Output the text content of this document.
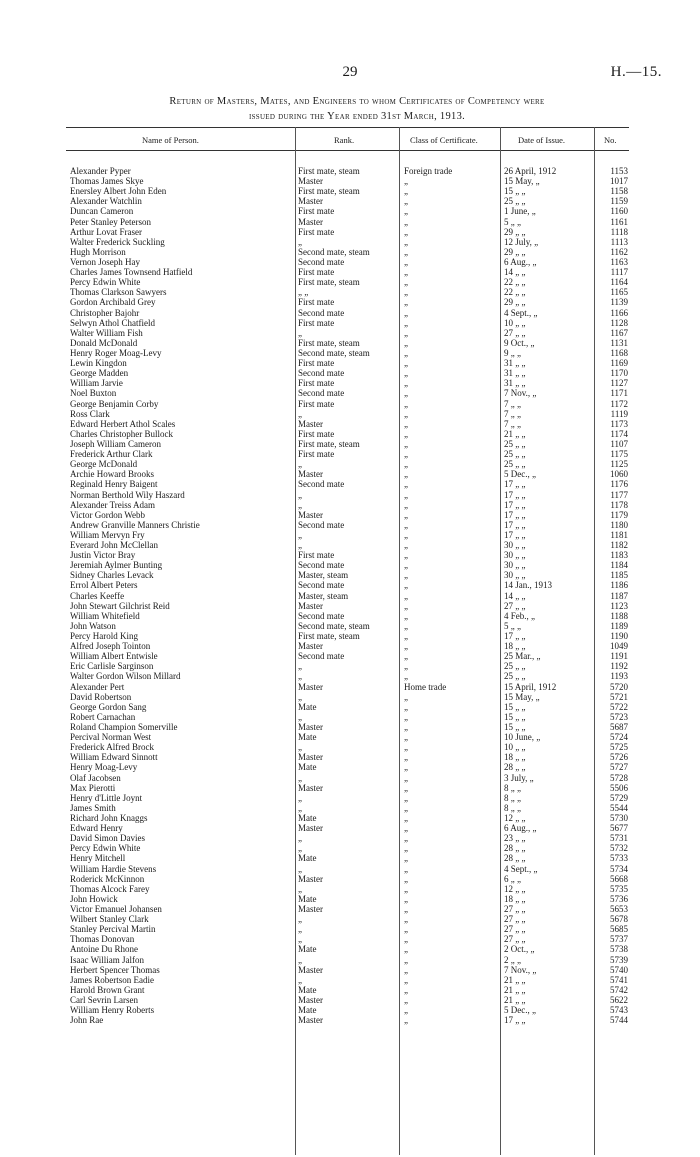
29	H.—15.
Return of Masters, Mates, and Engineers to whom Certificates of Competency were
issued during the Year ended 31st March, 1913.
Name of Person.	Rank.	Class of Certificate.	Date of Issue.	No.
Alexander Pyper	First mate, steam	Foreign trade	26 April, 1912	1153
Thomas James Skye	Master	„	15 May, „	1017
Enersley Albert John Eden	First mate, steam	„	15 „ „	1158
Alexander Watchlin	Master	„	25 „ „	1159
Duncan Cameron	First mate	„	1 June, „	1160
Peter Stanley Peterson	Master	„	5 „ „	1161
Arthur Lovat Fraser	First mate	„	29 „ „	1118
Walter Frederick Suckling	„	„	12 July, „	1113
Hugh Morrison	Second mate, steam	„	29 „ „	1162
Vernon Joseph Hay	Second mate	„	6 Aug., „	1163
Charles James Townsend Hatfield	First mate	„	14 „ „	1117
Percy Edwin White	First mate, steam	„	22 „ „	1164
Thomas Clarkson Sawyers	„ „	„	22 „ „	1165
Gordon Archibald Grey	First mate	„	29 „ „	1139
Christopher Bajohr	Second mate	„	4 Sept., „	1166
Selwyn Athol Chatfield	First mate	„	10 „ „	1128
Walter William Fish	„	„	27 „ „	1167
Donald McDonald	First mate, steam	„	9 Oct., „	1131
Henry Roger Moag-Levy	Second mate, steam	„	9 „ „	1168
Lewin Kingdon	First mate	„	31 „ „	1169
George Madden	Second mate	„	31 „ „	1170
William Jarvie	First mate	„	31 „ „	1127
Noel Buxton	Second mate	„	7 Nov., „	1171
George Benjamin Corby	First mate	„	7 „ „	1172
Ross Clark	„	„	7 „ „	1119
Edward Herbert Athol Scales	Master	„	7 „ „	1173
Charles Christopher Bullock	First mate	„	21 „ „	1174
Joseph William Cameron	First mate, steam	„	25 „ „	1107
Frederick Arthur Clark	First mate	„	25 „ „	1175
George McDonald	„	„	25 „ „	1125
Archie Howard Brooks	Master	„	5 Dec., „	1060
Reginald Henry Baigent	Second mate	„	17 „ „	1176
Norman Berthold Wily Haszard	„	„	17 „ „	1177
Alexander Treiss Adam	„	„	17 „ „	1178
Victor Gordon Webb	Master	„	17 „ „	1179
Andrew Granville Manners Christie	Second mate	„	17 „ „	1180
William Mervyn Fry	„	„	17 „ „	1181
Everard John McClellan	„	„	30 „ „	1182
Justin Victor Bray	First mate	„	30 „ „	1183
Jeremiah Aylmer Bunting	Second mate	„	30 „ „	1184
Sidney Charles Levack	Master, steam	„	30 „ „	1185
Errol Albert Peters	Second mate	„	14 Jan., 1913	1186
Charles Keeffe	Master, steam	„	14 „ „	1187
John Stewart Gilchrist Reid	Master	„	27 „ „	1123
William Whitefield	Second mate	„	4 Feb., „	1188
John Watson	Second mate, steam	„	5 „ „	1189
Percy Harold King	First mate, steam	„	17 „ „	1190
Alfred Joseph Tointon	Master	„	18 „ „	1049
William Albert Entwisle	Second mate	„	25 Mar., „	1191
Eric Carlisle Sarginson	„	„	25 „ „	1192
Walter Gordon Wilson Millard	„	„	25 „ „	1193
Alexander Pert	Master	Home trade	15 April, 1912	5720
David Robertson	„	„	15 May, „	5721
George Gordon Sang	Mate	„	15 „ „	5722
Robert Carnachan	„	„	15 „ „	5723
Roland Champion Somerville	Master	„	15 „ „	5687
Percival Norman West	Mate	„	10 June, „	5724
Frederick Alfred Brock	„	„	10 „ „	5725
William Edward Sinnott	Master	„	18 „ „	5726
Henry Moag-Levy	Mate	„	28 „ „	5727
Olaf Jacobsen	„	„	3 July, „	5728
Max Pierotti	Master	„	8 „ „	5506
Henry d'Little Joynt	„	„	8 „ „	5729
James Smith	„	„	8 „ „	5544
Richard John Knaggs	Mate	„	12 „ „	5730
Edward Henry	Master	„	6 Aug., „	5677
David Simon Davies	„	„	23 „ „	5731
Percy Edwin White	„	„	28 „ „	5732
Henry Mitchell	Mate	„	28 „ „	5733
William Hardie Stevens	„	„	4 Sept., „	5734
Roderick McKinnon	Master	„	6 „ „	5668
Thomas Alcock Farey	„	„	12 „ „	5735
John Howick	Mate	„	18 „ „	5736
Victor Emanuel Johansen	Master	„	27 „ „	5653
Wilbert Stanley Clark	„	„	27 „ „	5678
Stanley Percival Martin	„	„	27 „ „	5685
Thomas Donovan	„	„	27 „ „	5737
Antoine Du Rhone	Mate	„	2 Oct., „	5738
Isaac William Jalfon	„	„	2 „ „	5739
Herbert Spencer Thomas	Master	„	7 Nov., „	5740
James Robertson Eadie	„	„	21 „ „	5741
Harold Brown Grant	Mate	„	21 „ „	5742
Carl Sevrin Larsen	Master	„	21 „ „	5622
William Henry Roberts	Mate	„	5 Dec., „	5743
John Rae	Master	„	17 „ „	5744
